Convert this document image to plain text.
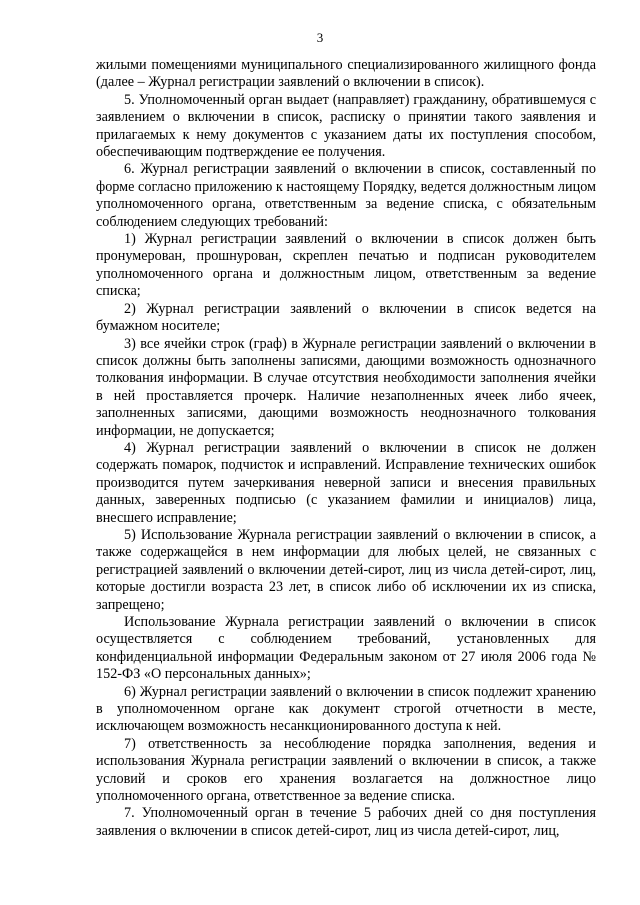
3

жилыми помещениями муниципального специализированного жилищного фонда (далее – Журнал регистрации заявлений о включении в список).

5. Уполномоченный орган выдает (направляет) гражданину, обратившемуся с заявлением о включении в список, расписку о принятии такого заявления и прилагаемых к нему документов с указанием даты их поступления способом, обеспечивающим подтверждение ее получения.

6. Журнал регистрации заявлений о включении в список, составленный по форме согласно приложению к настоящему Порядку, ведется должностным лицом уполномоченного органа, ответственным за ведение списка, с обязательным соблюдением следующих требований:

1) Журнал регистрации заявлений о включении в список должен быть пронумерован, прошнурован, скреплен печатью и подписан руководителем уполномоченного органа и должностным лицом, ответственным за ведение списка;

2) Журнал регистрации заявлений о включении в список ведется на бумажном носителе;

3) все ячейки строк (граф) в Журнале регистрации заявлений о включении в список должны быть заполнены записями, дающими возможность однозначного толкования информации. В случае отсутствия необходимости заполнения ячейки в ней проставляется прочерк. Наличие незаполненных ячеек либо ячеек, заполненных записями, дающими возможность неоднозначного толкования информации, не допускается;

4) Журнал регистрации заявлений о включении в список не должен содержать помарок, подчисток и исправлений. Исправление технических ошибок производится путем зачеркивания неверной записи и внесения правильных данных, заверенных подписью (с указанием фамилии и инициалов) лица, внесшего исправление;

5) Использование Журнала регистрации заявлений о включении в список, а также содержащейся в нем информации для любых целей, не связанных с регистрацией заявлений о включении детей-сирот, лиц из числа детей-сирот, лиц, которые достигли возраста 23 лет, в список либо об исключении их из списка, запрещено;

Использование Журнала регистрации заявлений о включении в список осуществляется с соблюдением требований, установленных для конфиденциальной информации Федеральным законом от 27 июля 2006 года № 152-ФЗ «О персональных данных»;

6) Журнал регистрации заявлений о включении в список подлежит хранению в уполномоченном органе как документ строгой отчетности в месте, исключающем возможность несанкционированного доступа к ней.

7) ответственность за несоблюдение порядка заполнения, ведения и использования Журнала регистрации заявлений о включении в список, а также условий и сроков его хранения возлагается на должностное лицо уполномоченного органа, ответственное за ведение списка.

7. Уполномоченный орган в течение 5 рабочих дней со дня поступления заявления о включении в список детей-сирот, лиц из числа детей-сирот, лиц,
